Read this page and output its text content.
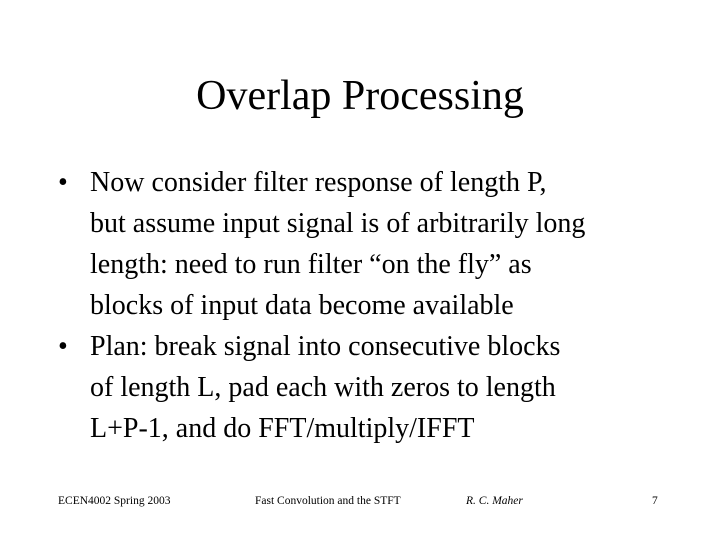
Overlap Processing
• Now consider filter response of length P,
but assume input signal is of arbitrarily long
length: need to run filter “on the fly” as
blocks of input data become available
• Plan: break signal into consecutive blocks
of length L, pad each with zeros to length
L+P-1, and do FFT/multiply/IFFT
ECEN4002 Spring 2003	Fast Convolution and the STFT	R. C. Maher	7
